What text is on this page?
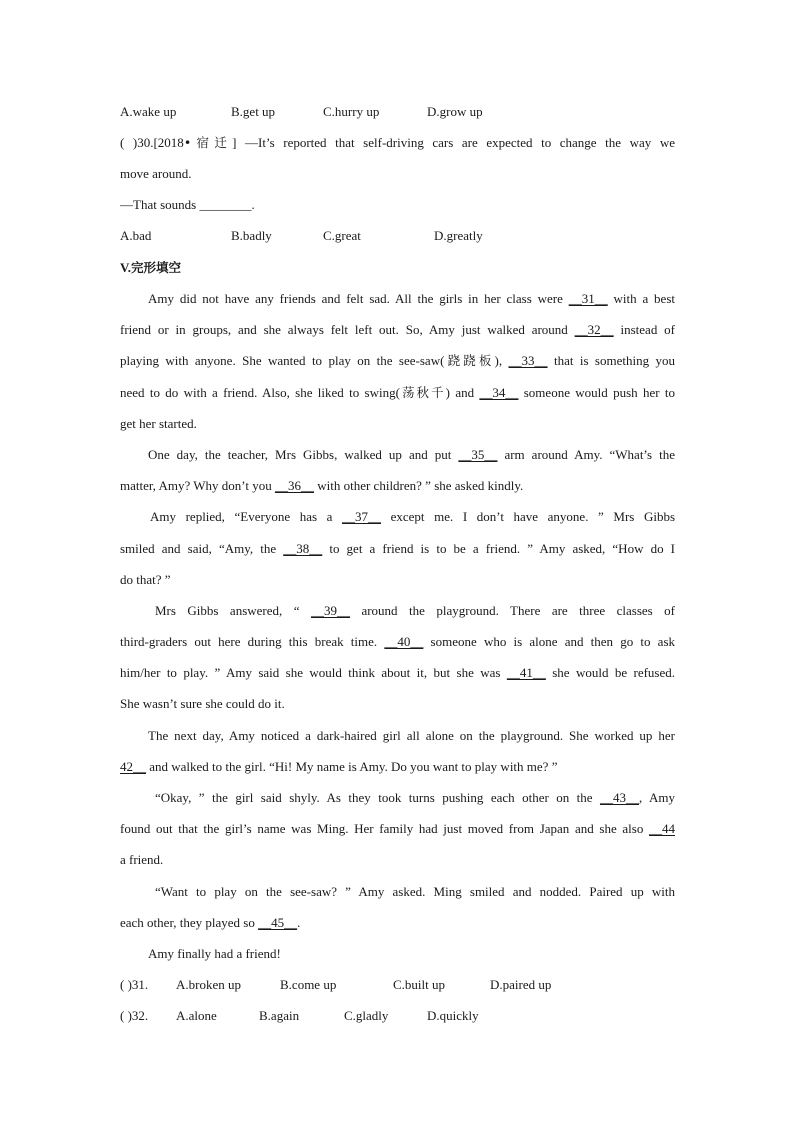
A.wake up	B.get up	C.hurry up	D.grow up
( )30.[2018•宿迁] —It’s reported that self-driving cars are expected to change the way we
move around.
—That sounds ________.
A.bad	B.badly	C.great	D.greatly
V.完形填空
Amy did not have any friends and felt sad. All the girls in her class were __31__ with a best
friend or in groups, and she always felt left out. So, Amy just walked around __32__ instead of
playing with anyone. She wanted to play on the see-saw(跷跷板), __33__ that is something you
need to do with a friend. Also, she liked to swing(荡秋千) and __34__ someone would push her to
get her started.
One day, the teacher, Mrs Gibbs, walked up and put __35__ arm around Amy. “What’s the
matter, Amy? Why don’t you __36__ with other children? ” she asked kindly.
Amy replied, “Everyone has a __37__ except me. I don’t have anyone. ” Mrs Gibbs
smiled and said, “Amy, the __38__ to get a friend is to be a friend. ” Amy asked, “How do I
do that? ”
Mrs Gibbs answered, “ __39__ around the playground. There are three classes of
third-graders out here during this break time. __40__ someone who is alone and then go to ask
him/her to play. ” Amy said she would think about it, but she was __41__ she would be refused.
She wasn’t sure she could do it.
The next day, Amy noticed a dark-haired girl all alone on the playground. She worked up her
42__ and walked to the girl. “Hi! My name is Amy. Do you want to play with me? ”
“Okay, ” the girl said shyly. As they took turns pushing each other on the __43__, Amy
found out that the girl’s name was Ming. Her family had just moved from Japan and she also __44
a friend.
“Want to play on the see-saw? ” Amy asked. Ming smiled and nodded. Paired up with
each other, they played so __45__.
Amy finally had a friend!
( )31. A.broken up	B.come up	C.built up	D.paired up
( )32. A.alone	B.again	C.gladly	D.quickly
